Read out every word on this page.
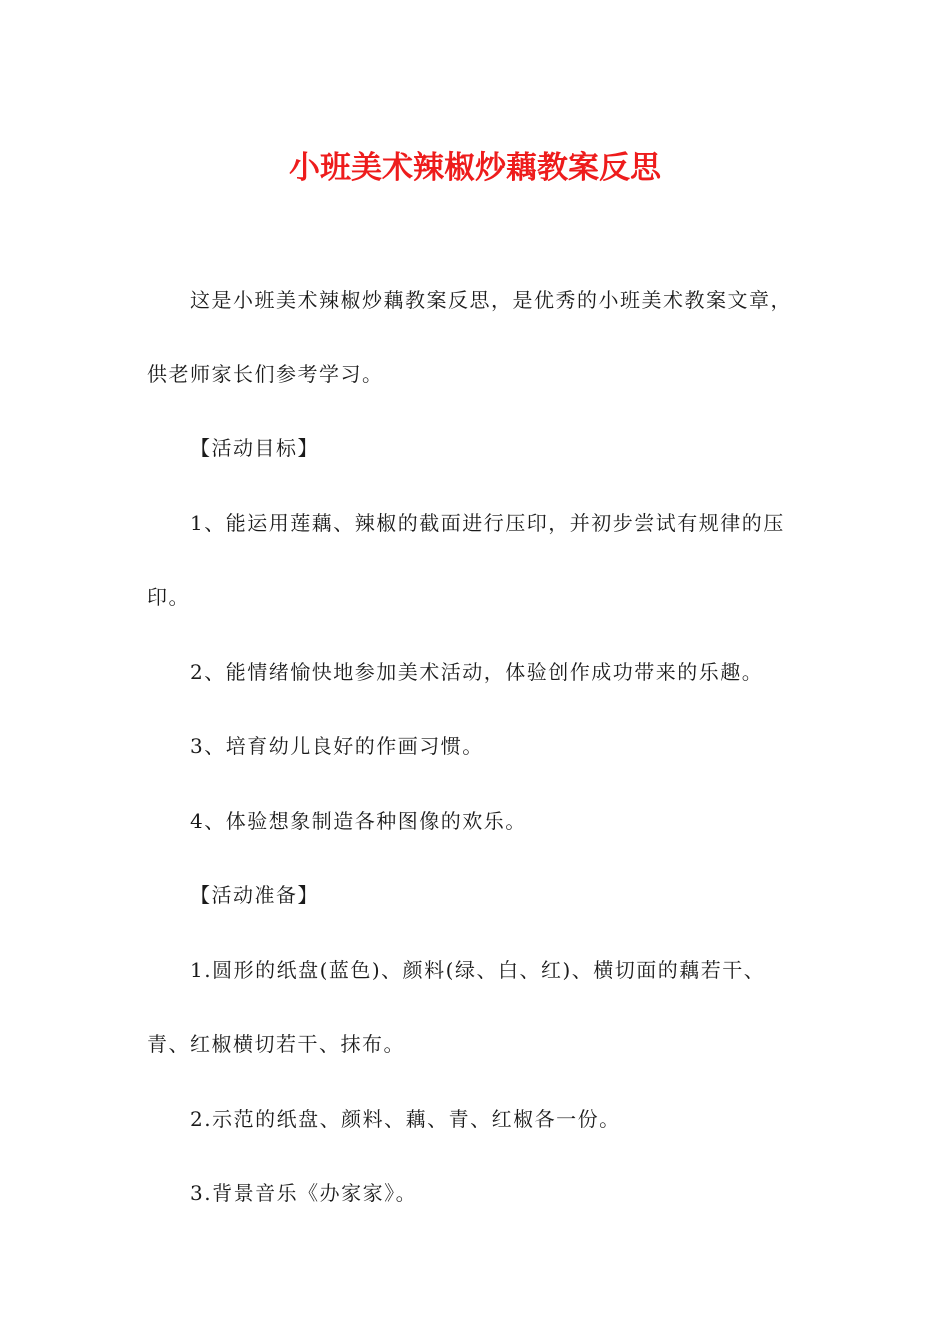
小班美术辣椒炒藕教案反思
这是小班美术辣椒炒藕教案反思，是优秀的小班美术教案文章，
供老师家长们参考学习。
【活动目标】
1、能运用莲藕、辣椒的截面进行压印，并初步尝试有规律的压
印。
2、能情绪愉快地参加美术活动，体验创作成功带来的乐趣。
3、培育幼儿良好的作画习惯。
4、体验想象制造各种图像的欢乐。
【活动准备】
1.圆形的纸盘(蓝色)、颜料(绿、白、红)、横切面的藕若干、
青、红椒横切若干、抹布。
2.示范的纸盘、颜料、藕、青、红椒各一份。
3.背景音乐《办家家》。
